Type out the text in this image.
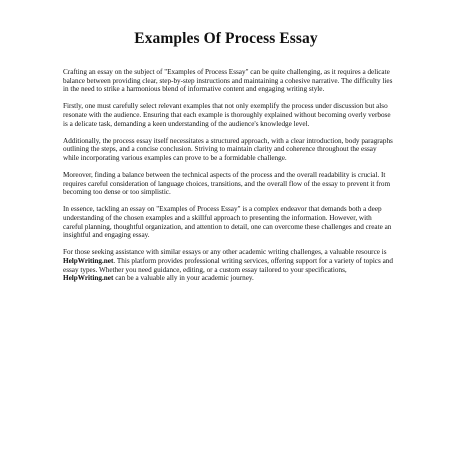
Examples Of Process Essay

Crafting an essay on the subject of "Examples of Process Essay" can be quite challenging, as it requires a delicate balance between providing clear, step-by-step instructions and maintaining a cohesive narrative. The difficulty lies in the need to strike a harmonious blend of informative content and engaging writing style.

Firstly, one must carefully select relevant examples that not only exemplify the process under discussion but also resonate with the audience. Ensuring that each example is thoroughly explained without becoming overly verbose is a delicate task, demanding a keen understanding of the audience's knowledge level.

Additionally, the process essay itself necessitates a structured approach, with a clear introduction, body paragraphs outlining the steps, and a concise conclusion. Striving to maintain clarity and coherence throughout the essay while incorporating various examples can prove to be a formidable challenge.

Moreover, finding a balance between the technical aspects of the process and the overall readability is crucial. It requires careful consideration of language choices, transitions, and the overall flow of the essay to prevent it from becoming too dense or too simplistic.

In essence, tackling an essay on "Examples of Process Essay" is a complex endeavor that demands both a deep understanding of the chosen examples and a skillful approach to presenting the information. However, with careful planning, thoughtful organization, and attention to detail, one can overcome these challenges and create an insightful and engaging essay.

For those seeking assistance with similar essays or any other academic writing challenges, a valuable resource is HelpWriting.net. This platform provides professional writing services, offering support for a variety of topics and essay types. Whether you need guidance, editing, or a custom essay tailored to your specifications, HelpWriting.net can be a valuable ally in your academic journey.
